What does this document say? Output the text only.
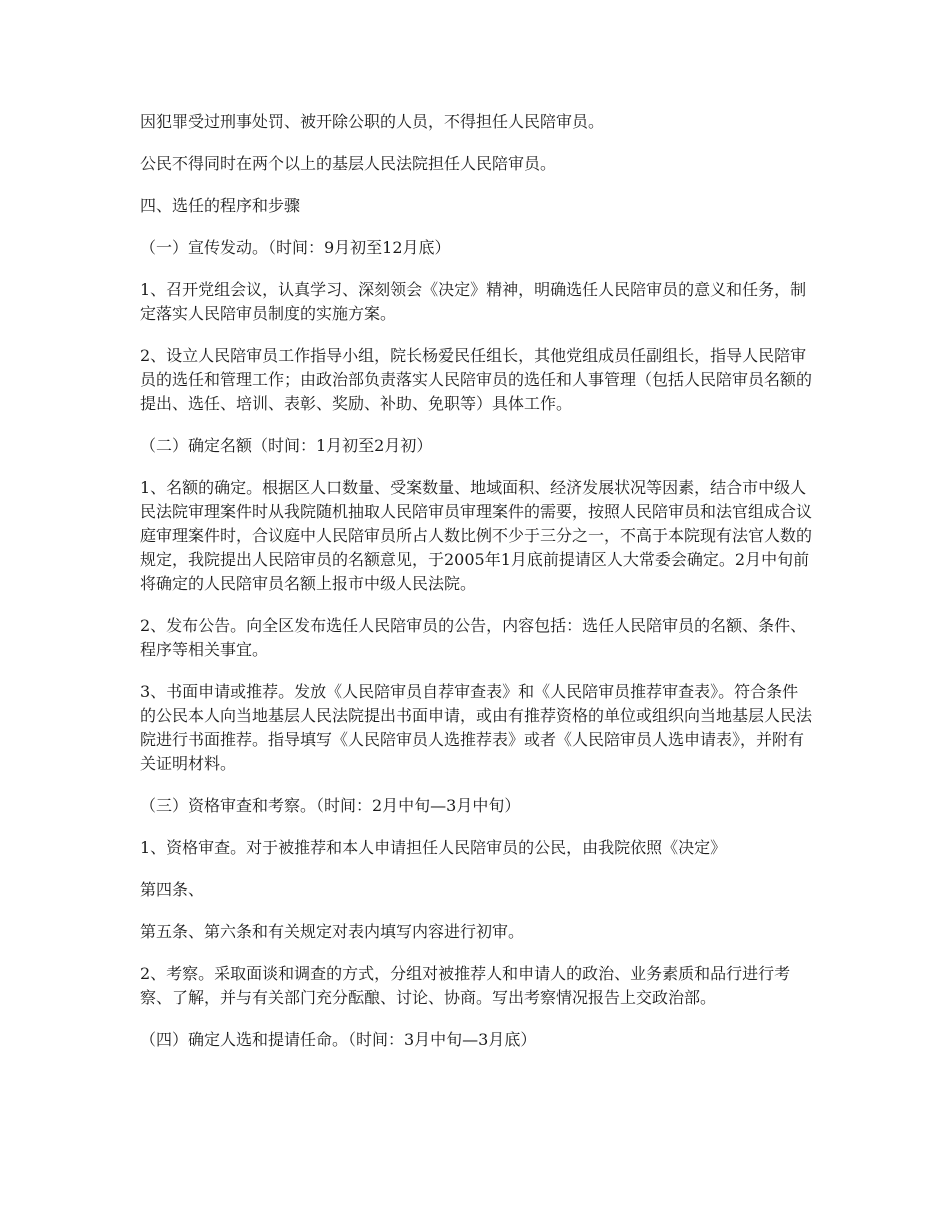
因犯罪受过刑事处罚、被开除公职的人员，不得担任人民陪审员。

公民不得同时在两个以上的基层人民法院担任人民陪审员。

四、选任的程序和步骤

（一）宣传发动。（时间：9月初至12月底）

1、召开党组会议，认真学习、深刻领会《决定》精神，明确选任人民陪审员的意义和任务，制定落实人民陪审员制度的实施方案。

2、设立人民陪审员工作指导小组，院长杨爱民任组长，其他党组成员任副组长，指导人民陪审员的选任和管理工作；由政治部负责落实人民陪审员的选任和人事管理（包括人民陪审员名额的提出、选任、培训、表彰、奖励、补助、免职等）具体工作。

（二）确定名额（时间：1月初至2月初）

1、名额的确定。根据区人口数量、受案数量、地域面积、经济发展状况等因素，结合市中级人民法院审理案件时从我院随机抽取人民陪审员审理案件的需要，按照人民陪审员和法官组成合议庭审理案件时，合议庭中人民陪审员所占人数比例不少于三分之一，不高于本院现有法官人数的规定，我院提出人民陪审员的名额意见，于2005年1月底前提请区人大常委会确定。2月中旬前将确定的人民陪审员名额上报市中级人民法院。

2、发布公告。向全区发布选任人民陪审员的公告，内容包括：选任人民陪审员的名额、条件、程序等相关事宜。

3、书面申请或推荐。发放《人民陪审员自荐审查表》和《人民陪审员推荐审查表》。符合条件的公民本人向当地基层人民法院提出书面申请，或由有推荐资格的单位或组织向当地基层人民法院进行书面推荐。指导填写《人民陪审员人选推荐表》或者《人民陪审员人选申请表》，并附有关证明材料。

（三）资格审查和考察。（时间：2月中旬—3月中旬）

1、资格审查。对于被推荐和本人申请担任人民陪审员的公民，由我院依照《决定》

第四条、

第五条、第六条和有关规定对表内填写内容进行初审。

2、考察。采取面谈和调查的方式，分组对被推荐人和申请人的政治、业务素质和品行进行考察、了解，并与有关部门充分酝酿、讨论、协商。写出考察情况报告上交政治部。

（四）确定人选和提请任命。（时间：3月中旬—3月底）
